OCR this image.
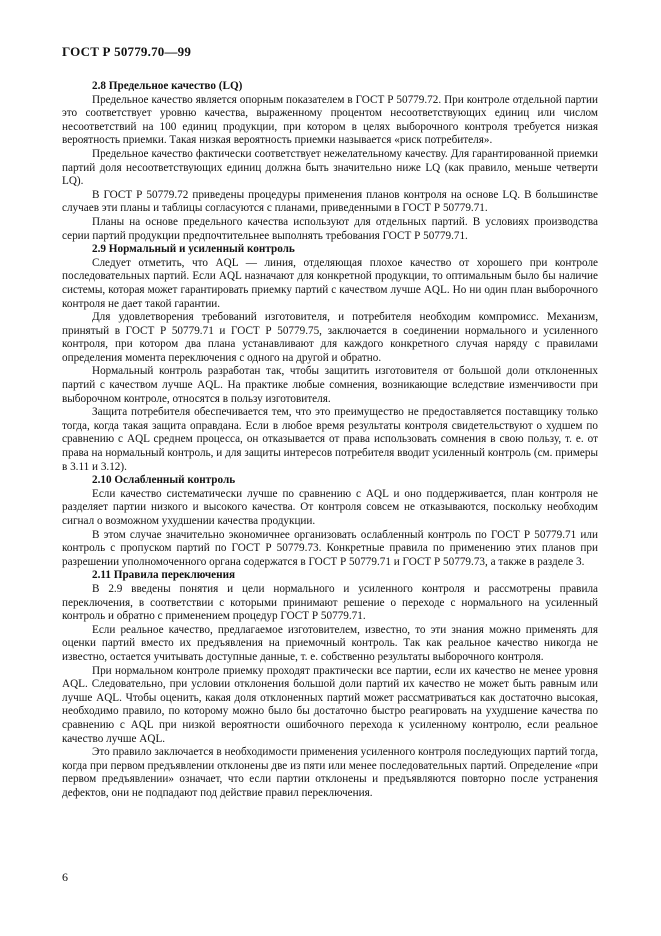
ГОСТ Р 50779.70—99
2.8 Предельное качество (LQ)

Предельное качество является опорным показателем в ГОСТ Р 50779.72. При контроле отдельной партии это соответствует уровню качества, выраженному процентом несоответствующих единиц или числом несоответствий на 100 единиц продукции, при котором в целях выборочного контроля требуется низкая вероятность приемки. Такая низкая вероятность приемки называется «риск потребителя».

Предельное качество фактически соответствует нежелательному качеству. Для гарантированной приемки партий доля несоответствующих единиц должна быть значительно ниже LQ (как правило, меньше четверти LQ).

В ГОСТ Р 50779.72 приведены процедуры применения планов контроля на основе LQ. В большинстве случаев эти планы и таблицы согласуются с планами, приведенными в ГОСТ Р 50779.71.

Планы на основе предельного качества используют для отдельных партий. В условиях производства серии партий продукции предпочтительнее выполнять требования ГОСТ Р 50779.71.

2.9 Нормальный и усиленный контроль

Следует отметить, что AQL — линия, отделяющая плохое качество от хорошего при контроле последовательных партий. Если AQL назначают для конкретной продукции, то оптимальным было бы наличие системы, которая может гарантировать приемку партий с качеством лучше AQL. Но ни один план выборочного контроля не дает такой гарантии.

Для удовлетворения требований изготовителя, и потребителя необходим компромисс. Механизм, принятый в ГОСТ Р 50779.71 и ГОСТ Р 50779.75, заключается в соединении нормального и усиленного контроля, при котором два плана устанавливают для каждого конкретного случая наряду с правилами определения момента переключения с одного на другой и обратно.

Нормальный контроль разработан так, чтобы защитить изготовителя от большой доли отклоненных партий с качеством лучше AQL. На практике любые сомнения, возникающие вследствие изменчивости при выборочном контроле, относятся в пользу изготовителя.

Защита потребителя обеспечивается тем, что это преимущество не предоставляется поставщику только тогда, когда такая защита оправдана. Если в любое время результаты контроля свидетельствуют о худшем по сравнению с AQL среднем процесса, он отказывается от права использовать сомнения в свою пользу, т. е. от права на нормальный контроль, и для защиты интересов потребителя вводит усиленный контроль (см. примеры в 3.11 и 3.12).

2.10 Ослабленный контроль

Если качество систематически лучше по сравнению с AQL и оно поддерживается, план контроля не разделяет партии низкого и высокого качества. От контроля совсем не отказываются, поскольку необходим сигнал о возможном ухудшении качества продукции.

В этом случае значительно экономичнее организовать ослабленный контроль по ГОСТ Р 50779.71 или контроль с пропуском партий по ГОСТ Р 50779.73. Конкретные правила по применению этих планов при разрешении уполномоченного органа содержатся в ГОСТ Р 50779.71 и ГОСТ Р 50779.73, а также в разделе 3.

2.11 Правила переключения

В 2.9 введены понятия и цели нормального и усиленного контроля и рассмотрены правила переключения, в соответствии с которыми принимают решение о переходе с нормального на усиленный контроль и обратно с применением процедур ГОСТ Р 50779.71.

Если реальное качество, предлагаемое изготовителем, известно, то эти знания можно применять для оценки партий вместо их предъявления на приемочный контроль. Так как реальное качество никогда не известно, остается учитывать доступные данные, т. е. собственно результаты выборочного контроля.

При нормальном контроле приемку проходят практически все партии, если их качество не менее уровня AQL. Следовательно, при условии отклонения большой доли партий их качество не может быть равным или лучше AQL. Чтобы оценить, какая доля отклоненных партий может рассматриваться как достаточно высокая, необходимо правило, по которому можно было бы достаточно быстро реагировать на ухудшение качества по сравнению с AQL при низкой вероятности ошибочного перехода к усиленному контролю, если реальное качество лучше AQL.

Это правило заключается в необходимости применения усиленного контроля последующих партий тогда, когда при первом предъявлении отклонены две из пяти или менее последовательных партий. Определение «при первом предъявлении» означает, что если партии отклонены и предъявляются повторно после устранения дефектов, они не подпадают под действие правил переключения.

6
